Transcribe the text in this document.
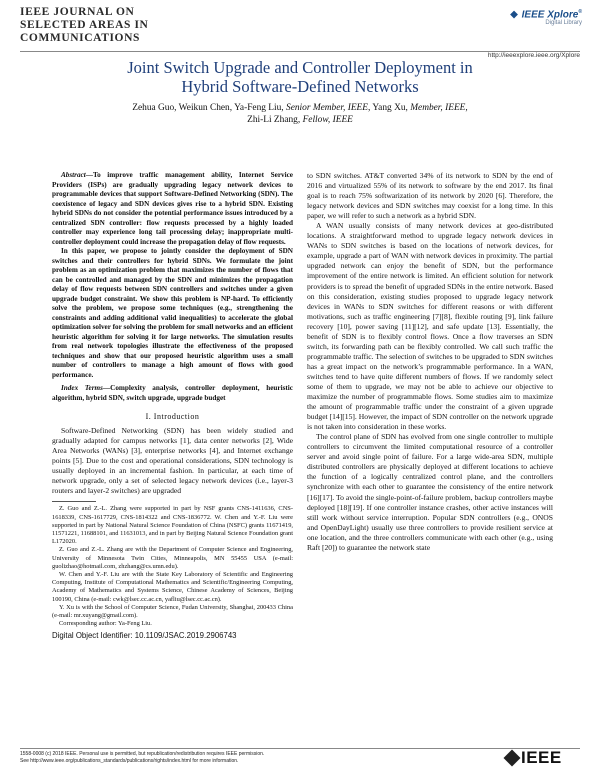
IEEE JOURNAL ON
SELECTED AREAS IN
COMMUNICATIONS
◆ IEEE Xplore®
Digital Library
http://ieeexplore.ieee.org/Xplore
Joint Switch Upgrade and Controller Deployment in
Hybrid Software-Defined Networks
Zehua Guo, Weikun Chen, Ya-Feng Liu, Senior Member, IEEE, Yang Xu, Member, IEEE,
Zhi-Li Zhang, Fellow, IEEE

Abstract—To improve traffic management ability, Internet Service Providers (ISPs) are gradually upgrading legacy network devices to programmable devices that support Software-Defined Networking (SDN). The coexistence of legacy and SDN devices gives rise to a hybrid SDN. Existing hybrid SDNs do not consider the potential performance issues introduced by a centralized SDN controller: flow requests processed by a highly loaded controller may experience long tail processing delay; inappropriate multi-controller deployment could increase the propagation delay of flow requests.

In this paper, we propose to jointly consider the deployment of SDN switches and their controllers for hybrid SDNs. We formulate the joint problem as an optimization problem that maximizes the number of flows that can be controlled and managed by the SDN and minimizes the propagation delay of flow requests between SDN controllers and switches under a given upgrade budget constraint. We show this problem is NP-hard. To efficiently solve the problem, we propose some techniques (e.g., strengthening the constraints and adding additional valid inequalities) to accelerate the global optimization solver for solving the problem for small networks and an efficient heuristic algorithm for solving it for large networks. The simulation results from real network topologies illustrate the effectiveness of the proposed techniques and show that our proposed heuristic algorithm uses a small number of controllers to manage a high amount of flows with good performance.

Index Terms—Complexity analysis, controller deployment, heuristic algorithm, hybrid SDN, switch upgrade, upgrade budget

I. Introduction

Software-Defined Networking (SDN) has been widely studied and gradually adapted for campus networks [1], data center networks [2], Wide Area Networks (WANs) [3], enterprise networks [4], and Internet exchange points [5]. Due to the cost and operational considerations, SDN technology is usually deployed in an incremental fashion. In particular, at each time of network upgrade, only a set of selected legacy network devices (i.e., layer-3 routers and layer-2 switches) are upgraded

Z. Guo and Z.-L. Zhang were supported in part by NSF grants CNS-1411636, CNS-1618339, CNS-1617729, CNS-1814322 and CNS-1836772. W. Chen and Y.-F. Liu were supported in part by National Natural Science Foundation of China (NSFC) grants 11671419, 11571221, 11688101, and 11631013, and in part by Beijing Natural Science Foundation grant L172020.

Z. Guo and Z.-L. Zhang are with the Department of Computer Science and Engineering, University of Minnesota Twin Cities, Minneapolis, MN 55455 USA (e-mail: guolizhao@hotmail.com, zhzhang@cs.umn.edu).

W. Chen and Y.-F. Liu are with the State Key Laboratory of Scientific and Engineering Computing, Institute of Computational Mathematics and Scientific/Engineering Computing, Academy of Mathematics and Systems Science, Chinese Academy of Sciences, Beijing 100190, China (e-mail: cwk@lsec.cc.ac.cn, yafliu@lsec.cc.ac.cn).

Y. Xu is with the School of Computer Science, Fudan University, Shanghai, 200433 China (e-mail: mr.xuyang@gmail.com).

Corresponding author: Ya-Feng Liu.

Digital Object Identifier: 10.1109/JSAC.2019.2906743

to SDN switches. AT&T converted 34% of its network to SDN by the end of 2016 and virtualized 55% of its network to software by the end 2017. Its final goal is to reach 75% softwarization of its network by 2020 [6]. Therefore, the legacy network devices and SDN switches may coexist for a long time. In this paper, we will refer to such a network as a hybrid SDN.

A WAN usually consists of many network devices at geo-distributed locations. A straightforward method to upgrade legacy network devices in WANs to SDN switches is based on the locations of network devices, for example, upgrade a part of WAN with network devices in proximity. The partial upgraded network can enjoy the benefit of SDN, but the performance improvement of the entire network is limited. An efficient solution for network providers is to spread the benefit of upgraded SDNs in the entire network. Based on this consideration, existing studies proposed to upgrade legacy network devices in WANs to SDN switches for different reasons or with different motivations, such as traffic engineering [7][8], flexible routing [9], link failure recovery [10], power saving [11][12], and safe update [13]. Essentially, the benefit of SDN is to flexibly control flows. Once a flow traverses an SDN switch, its forwarding path can be flexibly controlled. We call such traffic the programmable traffic. The selection of switches to be upgraded to SDN switches has a great impact on the network’s programmable performance. In a WAN, switches tend to have quite different numbers of flows. If we randomly select some of them to upgrade, we may not be able to achieve our objective to maximize the number of programmable flows. Some studies aim to maximize the amount of programmable traffic under the constraint of a given upgrade budget [14][15]. However, the impact of SDN controller on the network upgrade is not taken into consideration in these works.

The control plane of SDN has evolved from one single controller to multiple controllers to circumvent the limited computational resource of a controller server and avoid single point of failure. For a large wide-area SDN, multiple distributed controllers are physically deployed at different locations to achieve the function of a logically centralized control plane, and the controllers synchronize with each other to guarantee the consistency of the entire network [16][17]. To avoid the single-point-of-failure problem, backup controllers maybe deployed [18][19]. If one controller instance crashes, other active instances will still work without service interruption. Popular SDN controllers (e.g., ONOS and OpenDayLight) usually use three controllers to provide resilient service at one location, and the three controllers communicate with each other (e.g., using Raft [20]) to guarantee the network state

1558-0008 (c) 2018 IEEE. Personal use is permitted, but republication/redistribution requires IEEE permission.
See http://www.ieee.org/publications_standards/publications/rights/index.html for more information.	IEEE
